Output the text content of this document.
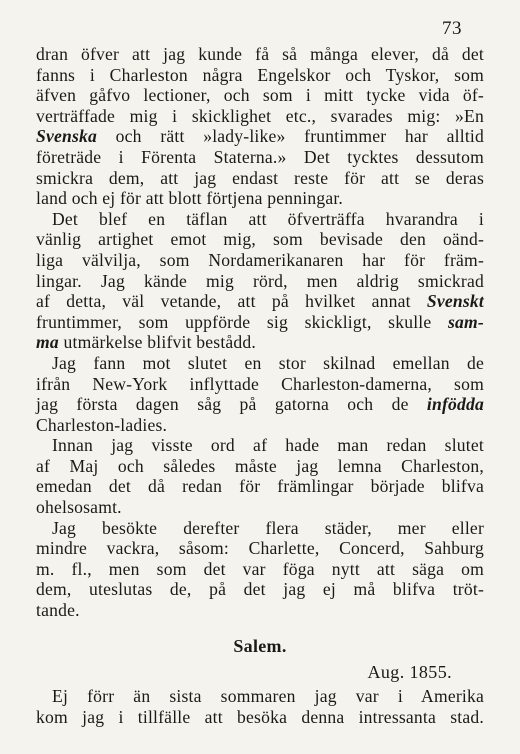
73
dran öfver att jag kunde få så många elever, då det
fanns i Charleston några Engelskor och Tyskor, som
äfven gåfvo lectioner, och som i mitt tycke vida öf-
verträffade mig i skicklighet etc., svarades mig: »En
Svenska och rätt »lady-like» fruntimmer har alltid
företräde i Förenta Staterna.» Det tycktes dessutom
smickra dem, att jag endast reste för att se deras
land och ej för att blott förtjena penningar.
Det blef en täflan att öfverträffa hvarandra i
vänlig artighet emot mig, som bevisade den oänd-
liga välvilja, som Nordamerikanaren har för främ-
lingar. Jag kände mig rörd, men aldrig smickrad
af detta, väl vetande, att på hvilket annat Svenskt
fruntimmer, som uppförde sig skickligt, skulle sam-
ma utmärkelse blifvit bestådd.
Jag fann mot slutet en stor skilnad emellan de
ifrån New-York inflyttade Charleston-damerna, som
jag första dagen såg på gatorna och de infödda
Charleston-ladies.
Innan jag visste ord af hade man redan slutet
af Maj och således måste jag lemna Charleston,
emedan det då redan för främlingar började blifva
ohelsosamt.
Jag besökte derefter flera städer, mer eller
mindre vackra, såsom: Charlette, Concerd, Sahburg
m. fl., men som det var föga nytt att säga om
dem, uteslutas de, på det jag ej må blifva tröt-
tande.
Salem.
Aug. 1855.
Ej förr än sista sommaren jag var i Amerika
kom jag i tillfälle att besöka denna intressanta stad.
